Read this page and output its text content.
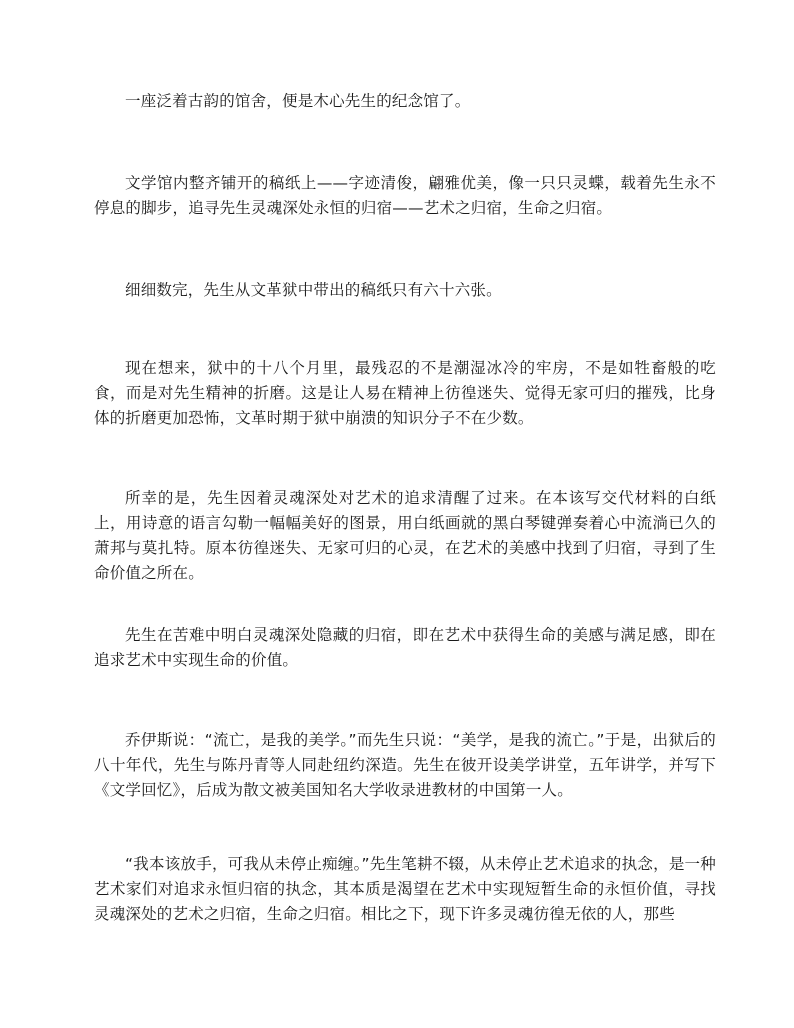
一座泛着古韵的馆舍，便是木心先生的纪念馆了。

文学馆内整齐铺开的稿纸上——字迹清俊，翩雅优美，像一只只灵蝶，载着先生永不停息的脚步，追寻先生灵魂深处永恒的归宿——艺术之归宿，生命之归宿。

细细数完，先生从文革狱中带出的稿纸只有六十六张。

现在想来，狱中的十八个月里，最残忍的不是潮湿冰冷的牢房，不是如牲畜般的吃食，而是对先生精神的折磨。这是让人易在精神上彷徨迷失、觉得无家可归的摧残，比身体的折磨更加恐怖，文革时期于狱中崩溃的知识分子不在少数。

所幸的是，先生因着灵魂深处对艺术的追求清醒了过来。在本该写交代材料的白纸上，用诗意的语言勾勒一幅幅美好的图景，用白纸画就的黑白琴键弹奏着心中流淌已久的萧邦与莫扎特。原本彷徨迷失、无家可归的心灵，在艺术的美感中找到了归宿，寻到了生命价值之所在。

先生在苦难中明白灵魂深处隐藏的归宿，即在艺术中获得生命的美感与满足感，即在追求艺术中实现生命的价值。

乔伊斯说：“流亡，是我的美学。”而先生只说：“美学，是我的流亡。”于是，出狱后的八十年代，先生与陈丹青等人同赴纽约深造。先生在彼开设美学讲堂，五年讲学，并写下《文学回忆》，后成为散文被美国知名大学收录进教材的中国第一人。

“我本该放手，可我从未停止痴缠。”先生笔耕不辍，从未停止艺术追求的执念，是一种艺术家们对追求永恒归宿的执念，其本质是渴望在艺术中实现短暂生命的永恒价值，寻找灵魂深处的艺术之归宿，生命之归宿。相比之下，现下许多灵魂彷徨无依的人，那些
